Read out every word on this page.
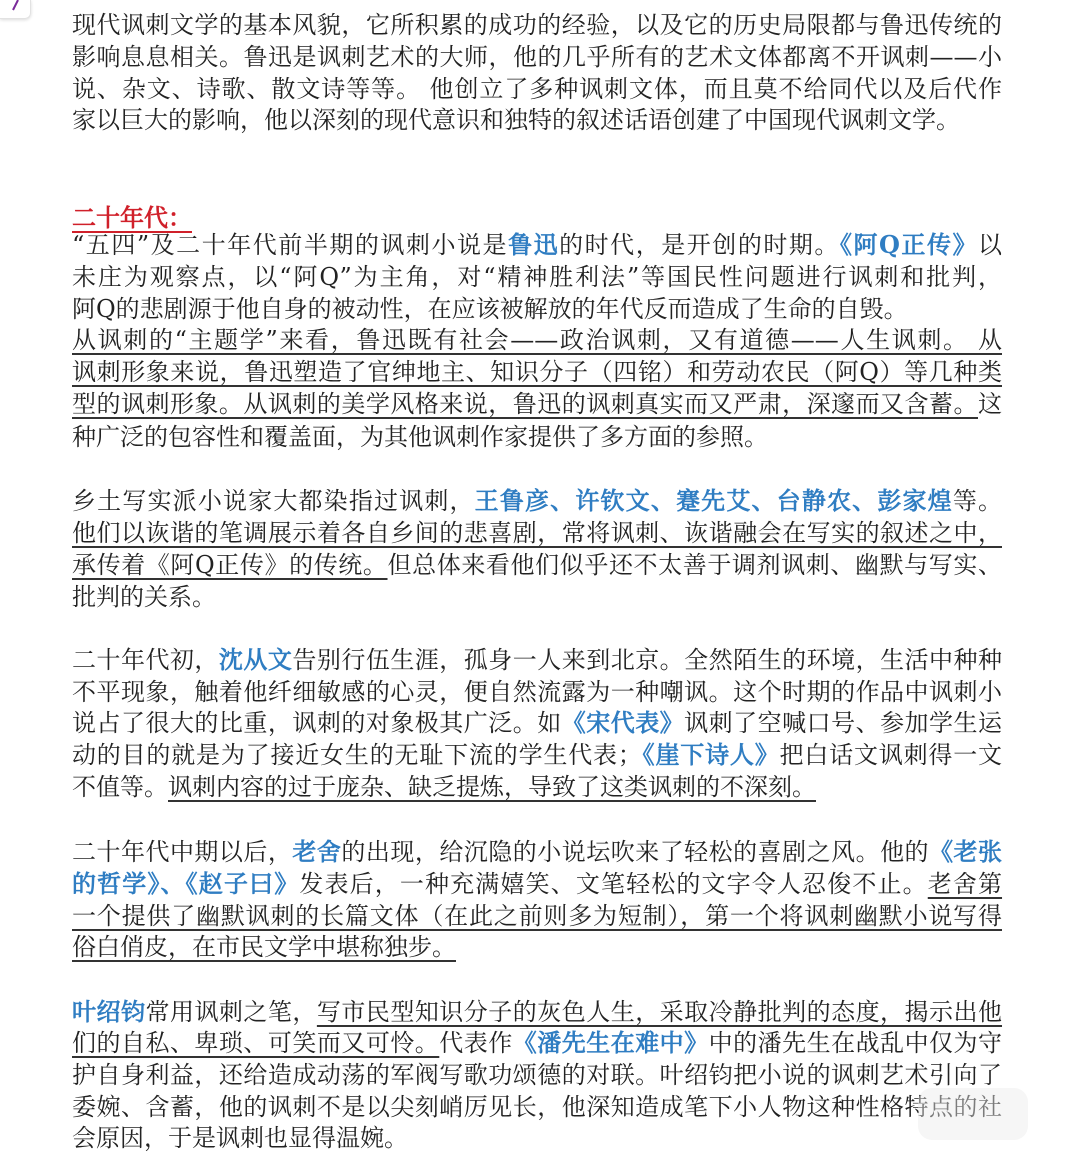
二十年代：
现代讽刺文学的基本风貌，它所积累的成功的经验，以及它的历史局限都与鲁迅传统的
影响息息相关。鲁迅是讽刺艺术的大师，他的几乎所有的艺术文体都离不开讽刺——小
说、杂文、诗歌、散文诗等等。 他创立了多种讽刺文体，而且莫不给同代以及后代作
家以巨大的影响，他以深刻的现代意识和独特的叙述话语创建了中国现代讽刺文学。
“五四”及二十年代前半期的讽刺小说是鲁迅的时代，是开创的时期。《阿Q正传》以
未庄为观察点，以“阿Q”为主角，对“精神胜利法”等国民性问题进行讽刺和批判，
阿Q的悲剧源于他自身的被动性，在应该被解放的年代反而造成了生命的自毁。
从讽刺的“主题学”来看，鲁迅既有社会——政治讽刺，又有道德——人生讽刺。 从
讽刺形象来说，鲁迅塑造了官绅地主、知识分子（四铭）和劳动农民（阿Q）等几种类
型的讽刺形象。从讽刺的美学风格来说，鲁迅的讽刺真实而又严肃，深邃而又含蓄。这
种广泛的包容性和覆盖面，为其他讽刺作家提供了多方面的参照。
乡土写实派小说家大都染指过讽刺，王鲁彦、许钦文、蹇先艾、台静农、彭家煌等。
他们以诙谐的笔调展示着各自乡间的悲喜剧，常将讽刺、诙谐融会在写实的叙述之中，
承传着《阿Q正传》的传统。但总体来看他们似乎还不太善于调剂讽刺、幽默与写实、
批判的关系。
二十年代初，沈从文告别行伍生涯，孤身一人来到北京。全然陌生的环境，生活中种种
不平现象，触着他纤细敏感的心灵，便自然流露为一种嘲讽。这个时期的作品中讽刺小
说占了很大的比重，讽刺的对象极其广泛。如《宋代表》讽刺了空喊口号、参加学生运
动的目的就是为了接近女生的无耻下流的学生代表；《崖下诗人》把白话文讽刺得一文
不值等。讽刺内容的过于庞杂、缺乏提炼，导致了这类讽刺的不深刻。
二十年代中期以后，老舍的出现，给沉隐的小说坛吹来了轻松的喜剧之风。他的《老张
的哲学》、《赵子曰》发表后，一种充满嬉笑、文笔轻松的文字令人忍俊不止。老舍第
一个提供了幽默讽刺的长篇文体（在此之前则多为短制），第一个将讽刺幽默小说写得
俗白俏皮，在市民文学中堪称独步。
叶绍钧常用讽刺之笔，写市民型知识分子的灰色人生，采取冷静批判的态度，揭示出他
们的自私、卑琐、可笑而又可怜。代表作《潘先生在难中》中的潘先生在战乱中仅为守
护自身利益，还给造成动荡的军阀写歌功颂德的对联。叶绍钧把小说的讽刺艺术引向了
委婉、含蓄，他的讽刺不是以尖刻峭厉见长，他深知造成笔下小人物这种性格特点的社
会原因，于是讽刺也显得温婉。
